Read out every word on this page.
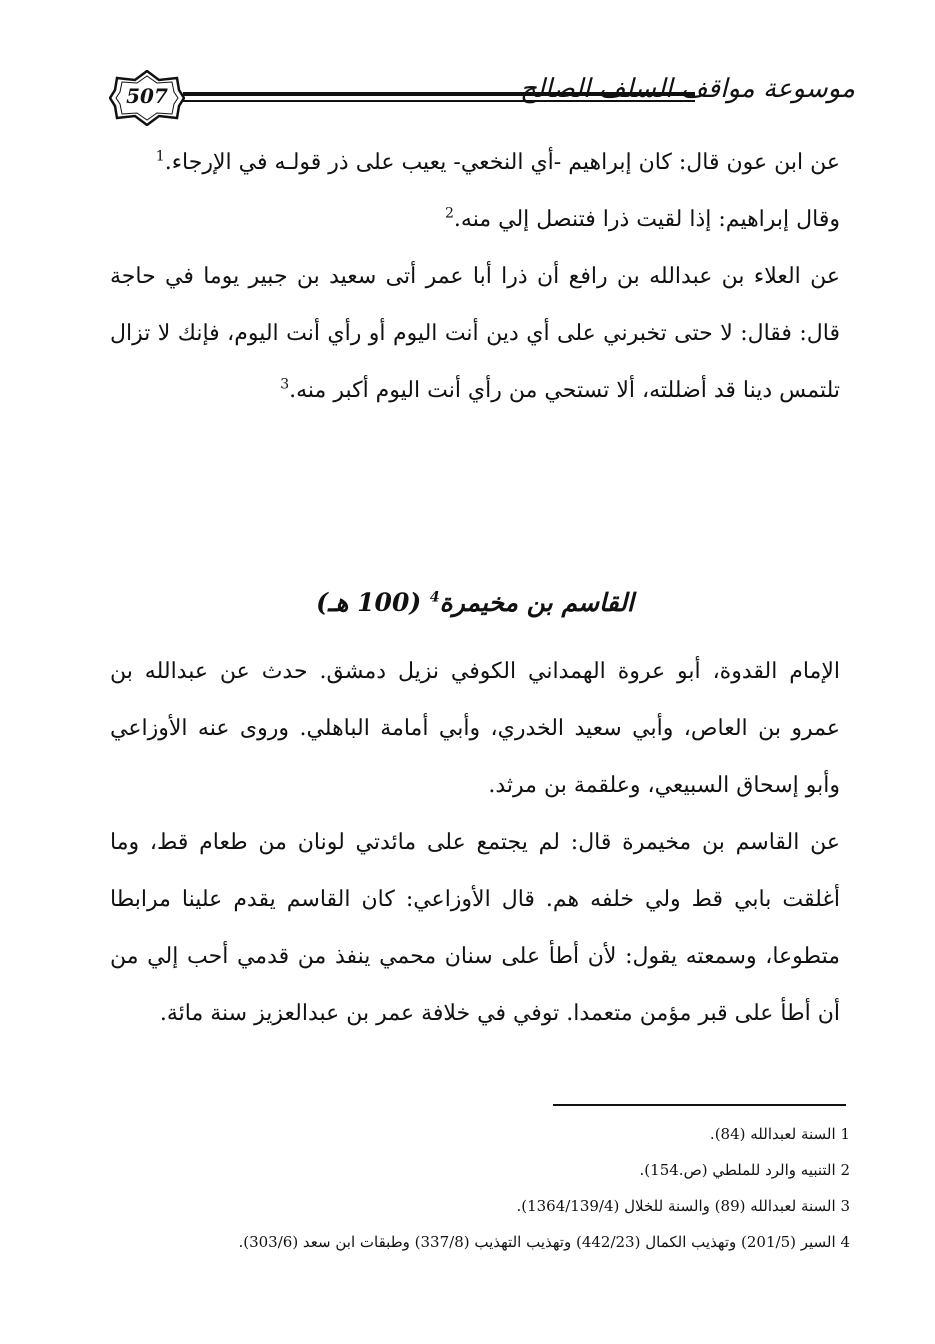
507	موسوعة مواقف السلف الصالح

عن ابن عون قال: كان إبراهيم -أي النخعي- يعيب على ذر قولـه في الإرجاء.$^1$

وقال إبراهيم: إذا لقيت ذرا فتنصل إلي منه.$^2$

عن العلاء بن عبدالله بن رافع أن ذرا أبا عمر أتى سعيد بن جبير يوما في حاجة قال: فقال: لا حتى تخبرني على أي دين أنت اليوم أو رأي أنت اليوم، فإنك لا تزال تلتمس دينا قد أضللته، ألا تستحي من رأي أنت اليوم أكبر منه.$^3$

القاسم بن مخيمرة$^4$ (100 هـ)

الإمام القدوة، أبو عروة الهمداني الكوفي نزيل دمشق. حدث عن عبدالله بن عمرو بن العاص، وأبي سعيد الخدري، وأبي أمامة الباهلي. وروى عنه الأوزاعي وأبو إسحاق السبيعي، وعلقمة بن مرثد.

عن القاسم بن مخيمرة قال: لم يجتمع على مائدتي لونان من طعام قط، وما أغلقت بابي قط ولي خلفه هم. قال الأوزاعي: كان القاسم يقدم علينا مرابطا متطوعا، وسمعته يقول: لأن أطأ على سنان محمي ينفذ من قدمي أحب إلي من أن أطأ على قبر مؤمن متعمدا. توفي في خلافة عمر بن عبدالعزيز سنة مائة.

1 السنة لعبدالله (84).
2 التنبيه والرد للملطي (ص.154).
3 السنة لعبدالله (89) والسنة للخلال (1364/139/4).
4 السير (201/5) وتهذيب الكمال (442/23) وتهذيب التهذيب (337/8) وطبقات ابن سعد (303/6).
